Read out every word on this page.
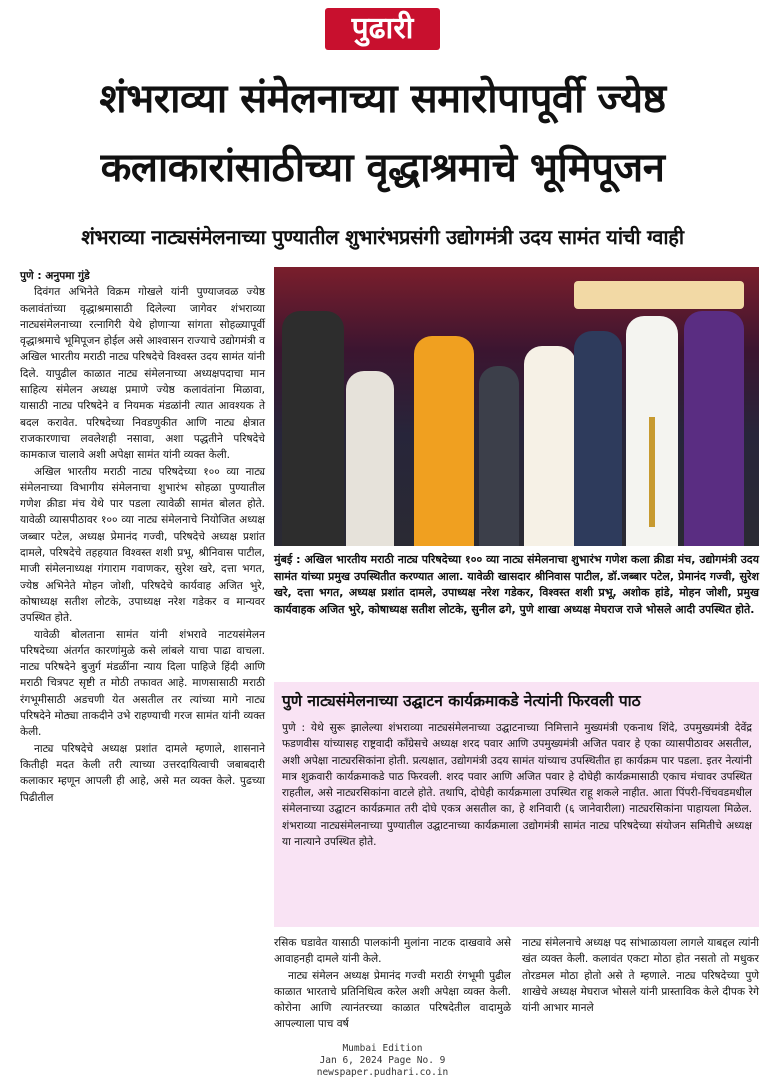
पुढारी
शंभराव्या संमेलनाच्या समारोपापूर्वी ज्येष्ठ
कलाकारांसाठीच्या वृद्धाश्रमाचे भूमिपूजन
शंभराव्या नाट्यसंमेलनाच्या पुण्यातील शुभारंभप्रसंगी उद्योगमंत्री उदय सामंत यांची ग्वाही

पुणे : अनुपमा गुंडे

दिवंगत अभिनेते विक्रम गोखले यांनी पुण्याजवळ ज्येष्ठ कलावंतांच्या वृद्धाश्रमासाठी दिलेल्या जागेवर शंभराव्या नाट्यसंमेलनाच्या रत्नागिरी येथे होणाऱ्या सांगता सोहळ्यापूर्वी वृद्धाश्रमाचे भूमिपूजन होईल असे आश्वासन राज्याचे उद्योगमंत्री व अखिल भारतीय मराठी नाट्य परिषदेचे विश्वस्त उदय सामंत यांनी दिले. यापुढील काळात नाट्य संमेलनाच्या अध्यक्षपदाचा मान साहित्य संमेलन अध्यक्ष प्रमाणे ज्येष्ठ कलावंतांना मिळावा, यासाठी नाट्य परिषदेने व नियमक मंडळांनी त्यात आवश्यक ते बदल करावेत. परिषदेच्या निवडणुकीत आणि नाट्य क्षेत्रात राजकारणाचा लवलेशही नसावा, अशा पद्धतीने परिषदेचे कामकाज चालावे अशी अपेक्षा सामंत यांनी व्यक्त केली.

अखिल भारतीय मराठी नाट्य परिषदेच्या १०० व्या नाट्य संमेलनाच्या विभागीय संमेलनाचा शुभारंभ सोहळा पुण्यातील गणेश क्रीडा मंच येथे पार पडला त्यावेळी सामंत बोलत होते. यावेळी व्यासपीठावर १०० व्या नाट्य संमेलनाचे नियोजित अध्यक्ष जब्बार पटेल, अध्यक्ष प्रेमानंद गज्वी, परिषदेचे अध्यक्ष प्रशांत दामले, परिषदेचे तहहयात विश्वस्त शशी प्रभू, श्रीनिवास पाटील, माजी संमेलनाध्यक्ष गंगाराम गवाणकर, सुरेश खरे, दत्ता भगत, ज्येष्ठ अभिनेते मोहन जोशी, परिषदेचे कार्यवाह अजित भुरे, कोषाध्यक्ष सतीश लोटके, उपाध्यक्ष नरेश गडेकर व मान्यवर उपस्थित होते.

यावेळी बोलताना सामंत यांनी शंभरावे नाटयसंमेलन परिषदेच्या अंतर्गत कारणांमुळे कसे लांबले याचा पाढा वाचला. नाट्य परिषदेने बुजुर्ग मंडळींना न्याय दिला पाहिजे हिंदी आणि मराठी चित्रपट सृष्टी त मोठी तफावत आहे. माणसासाठी मराठी रंगभूमीसाठी अडचणी येत असतील तर त्यांच्या मागे नाट्य परिषदेने मोठ्या ताकदीने उभे राहण्याची गरज सामंत यांनी व्यक्त केली.

नाट्य परिषदेचे अध्यक्ष प्रशांत दामले म्हणाले, शासनाने कितीही मदत केली तरी त्याच्या उत्तरदायित्वाची जबाबदारी कलाकार म्हणून आपली ही आहे, असे मत व्यक्त केले. पुढच्या पिढीतील

मुंबई : अखिल भारतीय मराठी नाट्य परिषदेच्या १०० व्या नाट्य संमेलनाचा शुभारंभ गणेश कला क्रीडा मंच, उद्योगमंत्री उदय सामंत यांच्या प्रमुख उपस्थितीत करण्यात आला. यावेळी खासदार श्रीनिवास पाटील, डॉ.जब्बार पटेल, प्रेमानंद गज्वी, सुरेश खरे, दत्ता भगत, अध्यक्ष प्रशांत दामले, उपाध्यक्ष नरेश गडेकर, विश्वस्त शशी प्रभू, अशोक हांडे, मोहन जोशी, प्रमुख कार्यवाहक अजित भुरे, कोषाध्यक्ष सतीश लोटके, सुनील ढगे, पुणे शाखा अध्यक्ष मेघराज राजे भोसले आदी उपस्थित होते.
पुणे नाट्यसंमेलनाच्या उद्घाटन कार्यक्रमाकडे नेत्यांनी फिरवली पाठ
पुणे : येथे सुरू झालेल्या शंभराव्या नाट्यसंमेलनाच्या उद्घाटनाच्या निमित्ताने मुख्यमंत्री एकनाथ शिंदे, उपमुख्यमंत्री देवेंद्र फडणवीस यांच्यासह राष्ट्रवादी काँग्रेसचे अध्यक्ष शरद पवार आणि उपमुख्यमंत्री अजित पवार हे एका व्यासपीठावर असतील, अशी अपेक्षा नाट्यरसिकांना होती. प्रत्यक्षात, उद्योगमंत्री उदय सामंत यांच्याच उपस्थितीत हा कार्यक्रम पार पडला. इतर नेत्यांनी मात्र शुक्रवारी कार्यक्रमाकडे पाठ फिरवली. शरद पवार आणि अजित पवार हे दोघेही कार्यक्रमासाठी एकाच मंचावर उपस्थित राहतील, असे नाट्यरसिकांना वाटले होते. तथापि, दोघेही कार्यक्रमाला उपस्थित राहू शकले नाहीत. आता पिंपरी-चिंचवडमधील संमेलनाच्या उद्घाटन कार्यक्रमात तरी दोघे एकत्र असतील का, हे शनिवारी (६ जानेवारीला) नाट्यरसिकांना पाहायला मिळेल. शंभराव्या नाट्यसंमेलनाच्या पुण्यातील उद्घाटनाच्या कार्यक्रमाला उद्योगमंत्री सामंत नाट्य परिषदेच्या संयोजन समितीचे अध्यक्ष या नात्याने उपस्थित होते.

रसिक घडावेत यासाठी पालकांनी मुलांना नाटक दाखवावे असे आवाहनही दामले यांनी केले.

नाट्य संमेलन अध्यक्ष प्रेमानंद गज्वी मराठी रंगभूमी पुढील काळात भारताचे प्रतिनिधित्व करेल अशी अपेक्षा व्यक्त केली. कोरोना आणि त्यानंतरच्या काळात परिषदेतील वादामुळे आपल्याला पाच वर्ष

नाट्य संमेलनाचे अध्यक्ष पद सांभाळायला लागले याबद्दल त्यांनी खंत व्यक्त केली. कलावंत एकटा मोठा होत नसतो तो मधुकर तोरडमल मोठा होतो असे ते म्हणाले. नाट्य परिषदेच्या पुणे शाखेचे अध्यक्ष मेघराज भोसले यांनी प्रास्ताविक केले दीपक रेगे यांनी आभार मानले
Mumbai Edition
Jan 6, 2024 Page No. 9
newspaper.pudhari.co.in
